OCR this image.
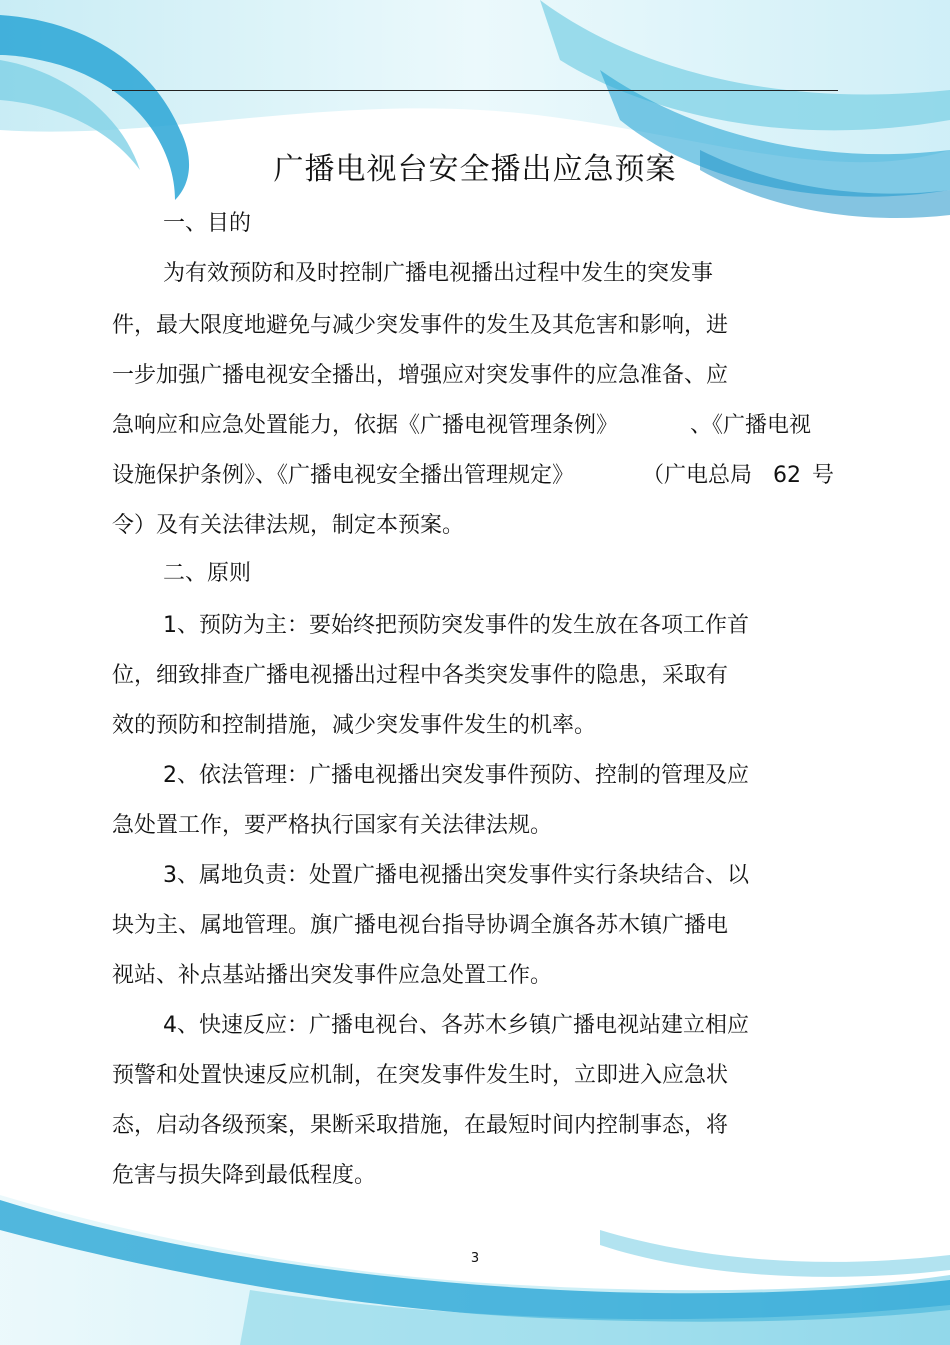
广播电视台安全播出应急预案
一、目的
为有效预防和及时控制广播电视播出过程中发生的突发事
件，最大限度地避免与减少突发事件的发生及其危害和影响，进
一步加强广播电视安全播出，增强应对突发事件的应急准备、应
急响应和应急处置能力，依据《广播电视管理条例》	、《广播电视
设施保护条例》、《广播电视安全播出管理规定》	（广电总局 62 号
令）及有关法律法规，制定本预案。
二、原则
1、预防为主：要始终把预防突发事件的发生放在各项工作首
位，细致排查广播电视播出过程中各类突发事件的隐患，采取有
效的预防和控制措施，减少突发事件发生的机率。
2、依法管理：广播电视播出突发事件预防、控制的管理及应
急处置工作，要严格执行国家有关法律法规。
3、属地负责：处置广播电视播出突发事件实行条块结合、以
块为主、属地管理。旗广播电视台指导协调全旗各苏木镇广播电
视站、补点基站播出突发事件应急处置工作。
4、快速反应：广播电视台、各苏木乡镇广播电视站建立相应
预警和处置快速反应机制，在突发事件发生时，立即进入应急状
态，启动各级预案，果断采取措施，在最短时间内控制事态，将
危害与损失降到最低程度。
3
